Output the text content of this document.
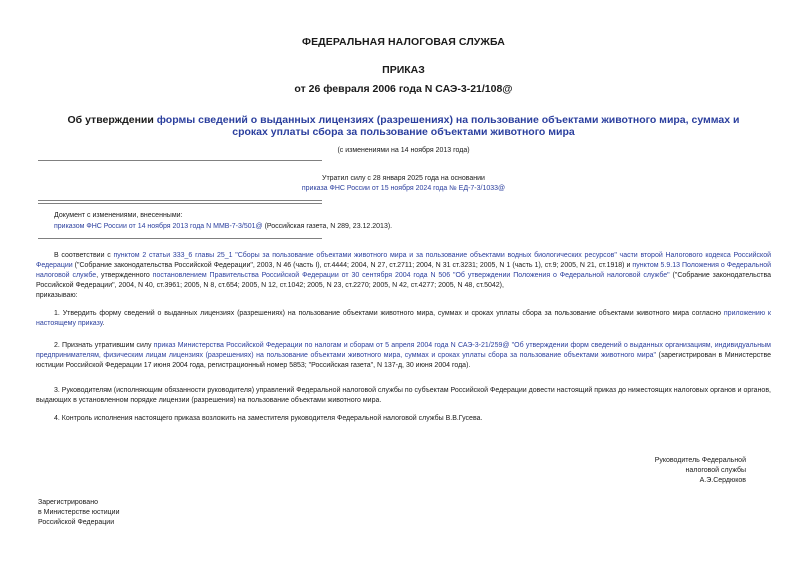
ФЕДЕРАЛЬНАЯ НАЛОГОВАЯ СЛУЖБА
ПРИКАЗ
от 26 февраля 2006 года N САЭ-3-21/108@
Об утверждении формы сведений о выданных лицензиях (разрешениях) на пользование объектами животного мира, суммах и сроках уплаты сбора за пользование объектами животного мира
(с изменениями на 14 ноября 2013 года)
Утратил силу с 28 января 2025 года на основании
приказа ФНС России от 15 ноября 2024 года № ЕД-7-3/1033@
Документ с изменениями, внесенными:
приказом ФНС России от 14 ноября 2013 года N ММВ-7-3/501@ (Российская газета, N 289, 23.12.2013).
В соответствии с пунктом 2 статьи 333_6 главы 25_1 "Сборы за пользование объектами животного мира и за пользование объектами водных биологических ресурсов" части второй Налогового кодекса Российской Федерации ("Собрание законодательства Российской Федерации", 2003, N 46 (часть I), ст.4444; 2004, N 27, ст.2711; 2004, N 31 ст.3231; 2005, N 1 (часть 1), ст.9; 2005, N 21, ст.1918) и пунктом 5.9.13 Положения о Федеральной налоговой службе, утвержденного постановлением Правительства Российской Федерации от 30 сентября 2004 года N 506 "Об утверждении Положения о Федеральной налоговой службе" ("Собрание законодательства Российской Федерации", 2004, N 40, ст.3961; 2005, N 8, ст.654; 2005, N 12, ст.1042; 2005, N 23, ст.2270; 2005, N 42, ст.4277; 2005, N 48, ст.5042),
приказываю:
1. Утвердить форму сведений о выданных лицензиях (разрешениях) на пользование объектами животного мира, суммах и сроках уплаты сбора за пользование объектами животного мира согласно приложению к настоящему приказу.
2. Признать утратившим силу приказ Министерства Российской Федерации по налогам и сборам от 5 апреля 2004 года N САЭ-3-21/259@ "Об утверждении форм сведений о выданных организациям, индивидуальным предпринимателям, физическим лицам лицензиях (разрешениях) на пользование объектами животного мира, суммах и сроках уплаты сбора за пользование объектами животного мира" (зарегистрирован в Министерстве юстиции Российской Федерации 17 июня 2004 года, регистрационный номер 5853; "Российская газета", N 137-д, 30 июня 2004 года).
3. Руководителям (исполняющим обязанности руководителя) управлений Федеральной налоговой службы по субъектам Российской Федерации довести настоящий приказ до нижестоящих налоговых органов и органов, выдающих в установленном порядке лицензии (разрешения) на пользование объектами животного мира.
4. Контроль исполнения настоящего приказа возложить на заместителя руководителя Федеральной налоговой службы В.В.Гусева.
Руководитель Федеральной
налоговой службы
А.Э.Сердюков
Зарегистрировано
в Министерстве юстиции
Российской Федерации
